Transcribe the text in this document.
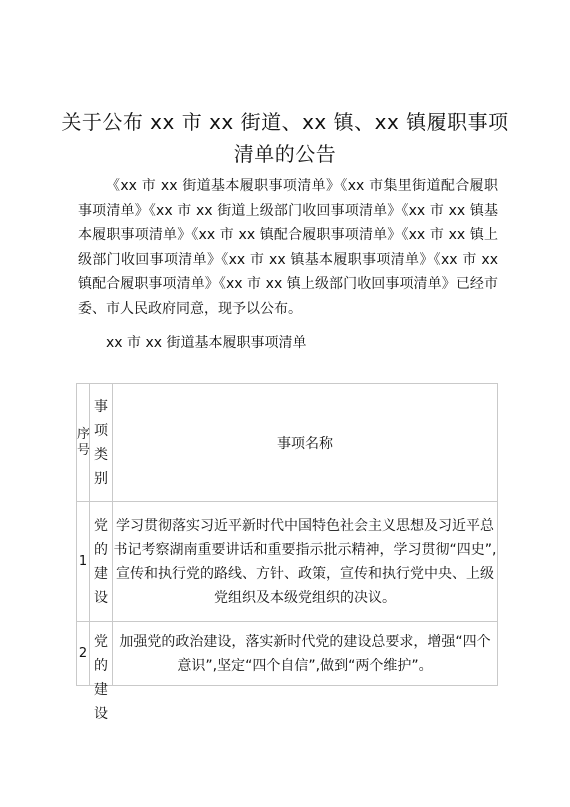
关于公布 xx 市 xx 街道、xx 镇、xx 镇履职事项清单的公告
《xx 市 xx 街道基本履职事项清单》《xx 市集里街道配合履职事项清单》《xx 市 xx 街道上级部门收回事项清单》《xx 市 xx 镇基本履职事项清单》《xx 市 xx 镇配合履职事项清单》《xx 市 xx 镇上级部门收回事项清单》《xx 市 xx 镇基本履职事项清单》《xx 市 xx 镇配合履职事项清单》《xx 市 xx 镇上级部门收回事项清单》已经市委、市人民政府同意，现予以公布。
xx 市 xx 街道基本履职事项清单
序号	事项类别	事项名称

1	党的建设	学习贯彻落实习近平新时代中国特色社会主义思想及习近平总书记考察湖南重要讲话和重要指示批示精神，学习贯彻“四史”,宣传和执行党的路线、方针、政策，宣传和执行党中央、上级党组织及本级党组织的决议。

2	党的建设	加强党的政治建设，落实新时代党的建设总要求，增强“四个意识”,坚定“四个自信”,做到“两个维护”。
